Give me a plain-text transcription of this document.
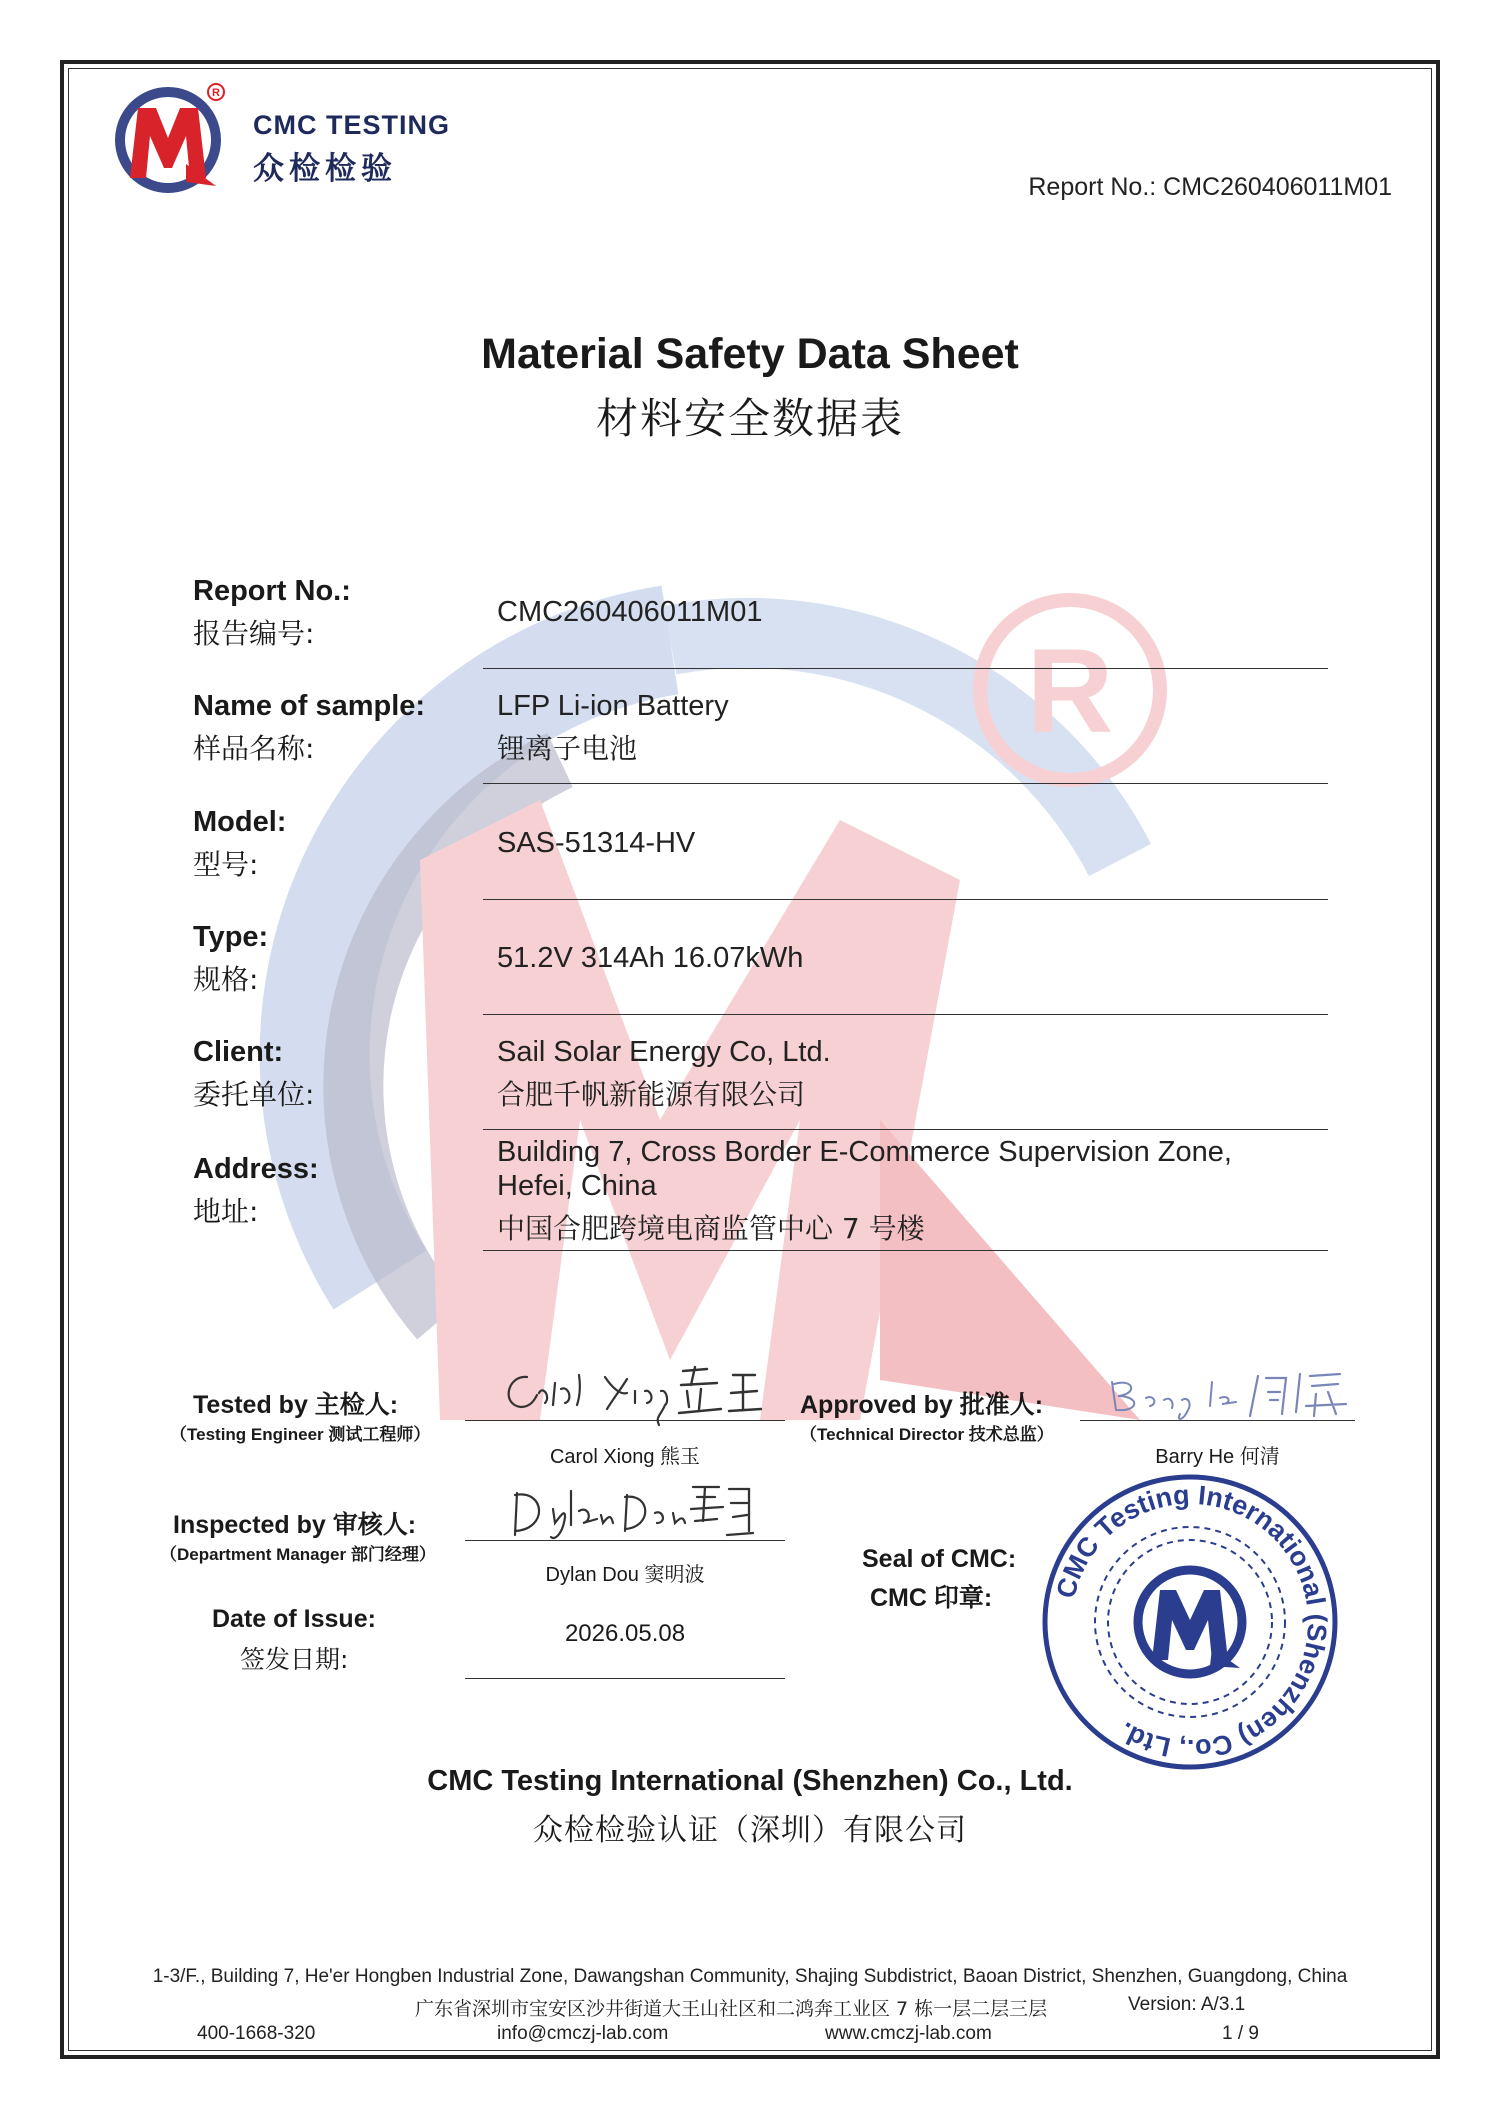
R
R
CMC TESTING
众检检验	Report No.: CMC260406011M01
Material Safety Data Sheet
材料安全数据表
Report No.:
报告编号:
CMC260406011M01
Name of sample:
样品名称:
LFP Li-ion Battery
锂离子电池
Model:
型号:
SAS-51314-HV
Type:
规格:
51.2V 314Ah 16.07kWh
Client:
委托单位:
Sail Solar Energy Co, Ltd.
合肥千帆新能源有限公司
Address:
地址:
Building 7, Cross Border E-Commerce Supervision Zone,
Hefei, China
中国合肥跨境电商监管中心 7 号楼
Tested by 主检人:
（Testing Engineer 测试工程师）
Carol Xiong 熊玉
Approved by 批准人:
（Technical Director 技术总监）
Barry He 何清
Inspected by 审核人:
（Department Manager 部门经理）
Dylan Dou 窦明波
Date of Issue:
签发日期:
2026.05.08
Seal of CMC:
CMC 印章: CMC Testing International (Shenzhen) Co., Ltd.
CMC Testing International (Shenzhen) Co., Ltd.
众检检验认证（深圳）有限公司
1-3/F., Building 7, He'er Hongben Industrial Zone, Dawangshan Community, Shajing Subdistrict, Baoan District, Shenzhen, Guangdong, China
广东省深圳市宝安区沙井街道大王山社区和二鸿奔工业区 7 栋一层二层三层	Version: A/3.1
400-1668-320	info@cmczj-lab.com	www.cmczj-lab.com	1 / 9
